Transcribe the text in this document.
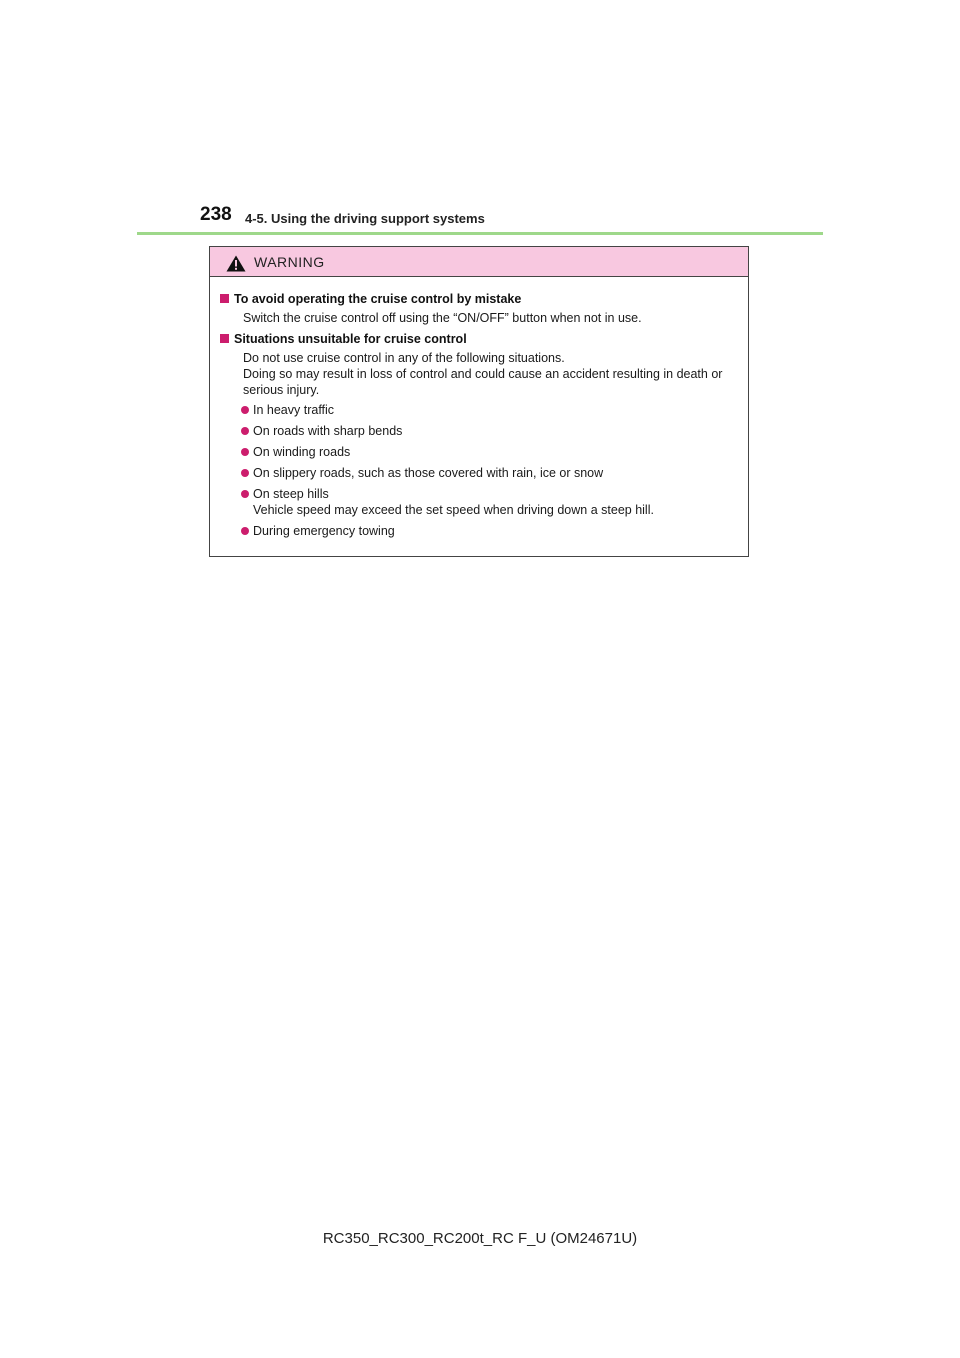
238 4-5. Using the driving support systems
WARNING
To avoid operating the cruise control by mistake
Switch the cruise control off using the “ON/OFF” button when not in use.
Situations unsuitable for cruise control
Do not use cruise control in any of the following situations.
Doing so may result in loss of control and could cause an accident resulting in death or serious injury.
In heavy traffic
On roads with sharp bends
On winding roads
On slippery roads, such as those covered with rain, ice or snow
On steep hills
Vehicle speed may exceed the set speed when driving down a steep hill.
During emergency towing
RC350_RC300_RC200t_RC F_U (OM24671U)
